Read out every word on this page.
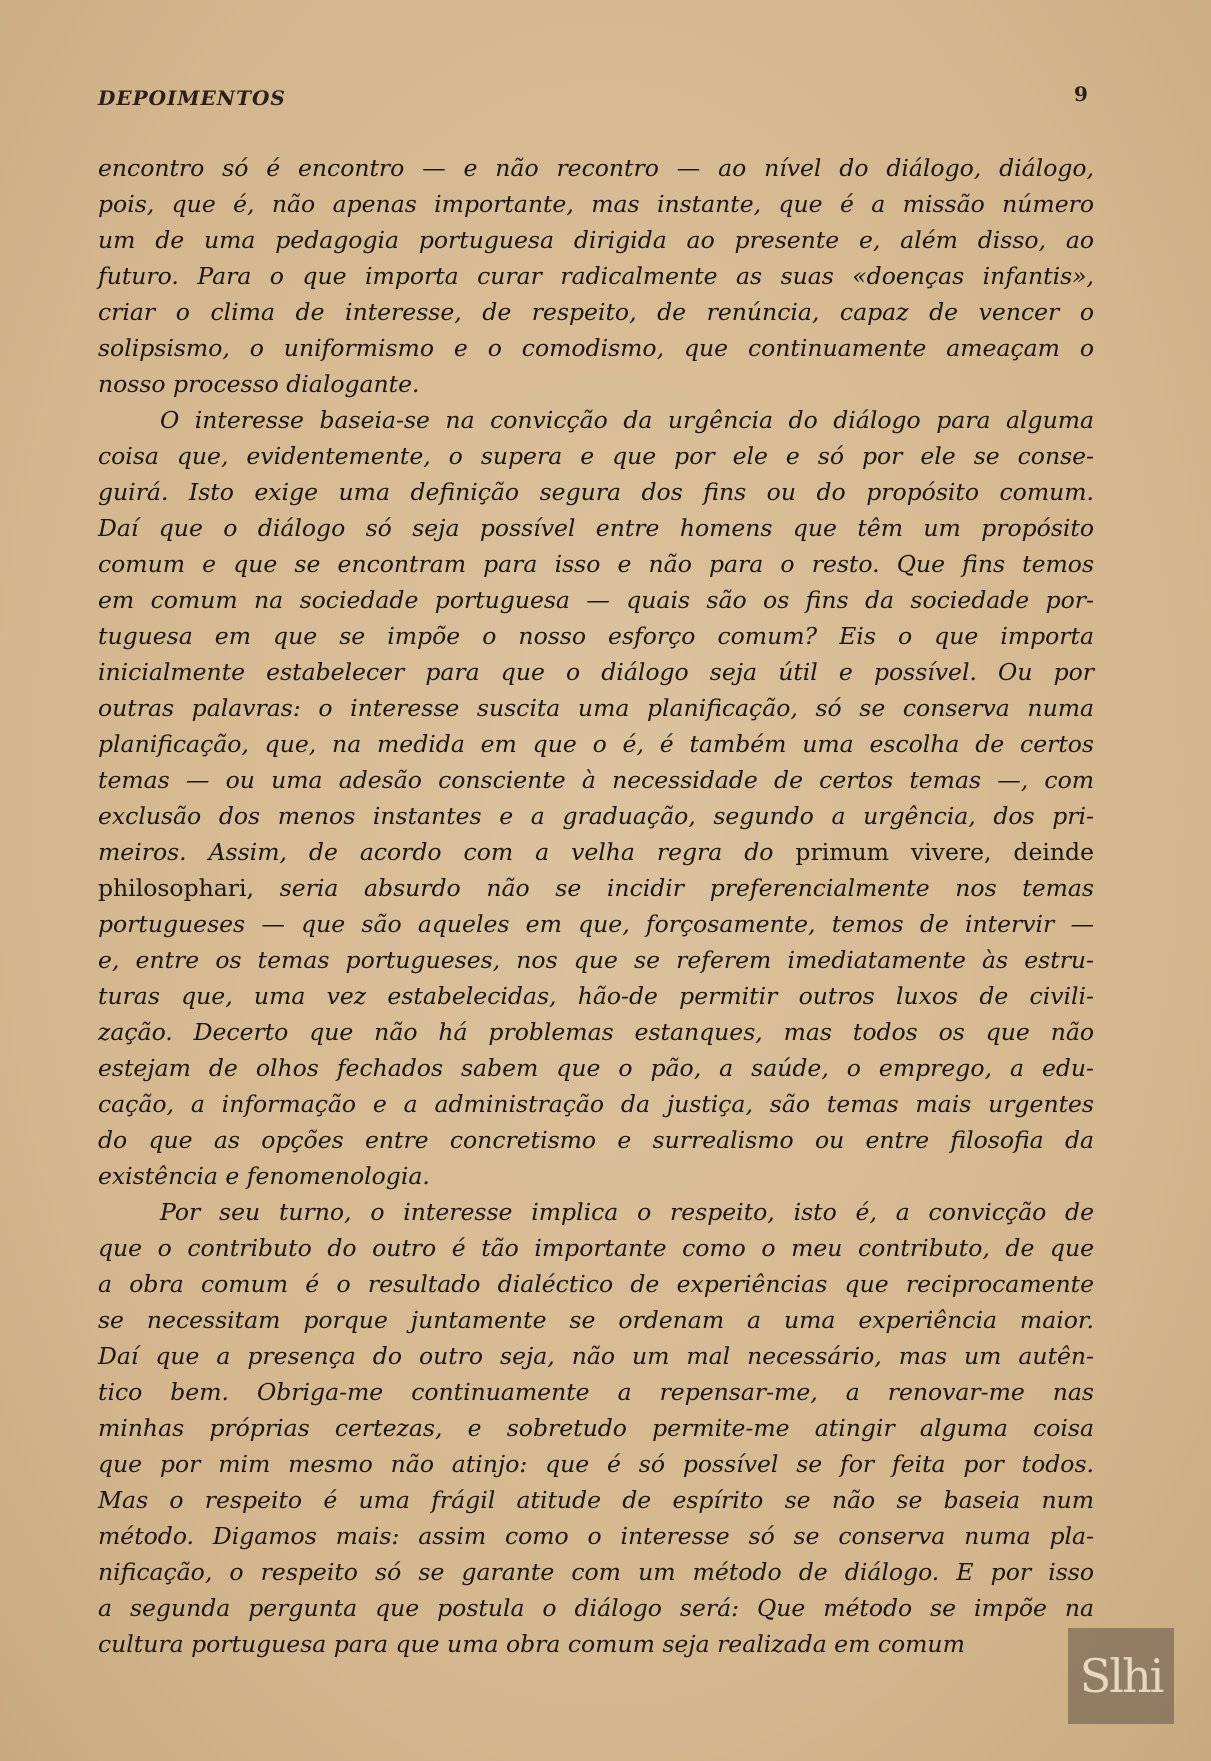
DEPOIMENTOS	9
encontro só é encontro — e não recontro — ao nível do diálogo, diálogo,
pois, que é, não apenas importante, mas instante, que é a missão número
um de uma pedagogia portuguesa dirigida ao presente e, além disso, ao
futuro. Para o que importa curar radicalmente as suas «doenças infantis»,
criar o clima de interesse, de respeito, de renúncia, capaz de vencer o
solipsismo, o uniformismo e o comodismo, que continuamente ameaçam o
nosso processo dialogante.
O interesse baseia-se na convicção da urgência do diálogo para alguma
coisa que, evidentemente, o supera e que por ele e só por ele se conse-
guirá. Isto exige uma definição segura dos fins ou do propósito comum.
Daí que o diálogo só seja possível entre homens que têm um propósito
comum e que se encontram para isso e não para o resto. Que fins temos
em comum na sociedade portuguesa — quais são os fins da sociedade por-
tuguesa em que se impõe o nosso esforço comum? Eis o que importa
inicialmente estabelecer para que o diálogo seja útil e possível. Ou por
outras palavras: o interesse suscita uma planificação, só se conserva numa
planificação, que, na medida em que o é, é também uma escolha de certos
temas — ou uma adesão consciente à necessidade de certos temas —, com
exclusão dos menos instantes e a graduação, segundo a urgência, dos pri-
meiros. Assim, de acordo com a velha regra do primum vivere, deinde
philosophari, seria absurdo não se incidir preferencialmente nos temas
portugueses — que são aqueles em que, forçosamente, temos de intervir —
e, entre os temas portugueses, nos que se referem imediatamente às estru-
turas que, uma vez estabelecidas, hão-de permitir outros luxos de civili-
zação. Decerto que não há problemas estanques, mas todos os que não
estejam de olhos fechados sabem que o pão, a saúde, o emprego, a edu-
cação, a informação e a administração da justiça, são temas mais urgentes
do que as opções entre concretismo e surrealismo ou entre filosofia da
existência e fenomenologia.
Por seu turno, o interesse implica o respeito, isto é, a convicção de
que o contributo do outro é tão importante como o meu contributo, de que
a obra comum é o resultado dialéctico de experiências que reciprocamente
se necessitam porque juntamente se ordenam a uma experiência maior.
Daí que a presença do outro seja, não um mal necessário, mas um autên-
tico bem. Obriga-me continuamente a repensar-me, a renovar-me nas
minhas próprias certezas, e sobretudo permite-me atingir alguma coisa
que por mim mesmo não atinjo: que é só possível se for feita por todos.
Mas o respeito é uma frágil atitude de espírito se não se baseia num
método. Digamos mais: assim como o interesse só se conserva numa pla-
nificação, o respeito só se garante com um método de diálogo. E por isso
a segunda pergunta que postula o diálogo será: Que método se impõe na
cultura portuguesa para que uma obra comum seja realizada em comum
Slhi
